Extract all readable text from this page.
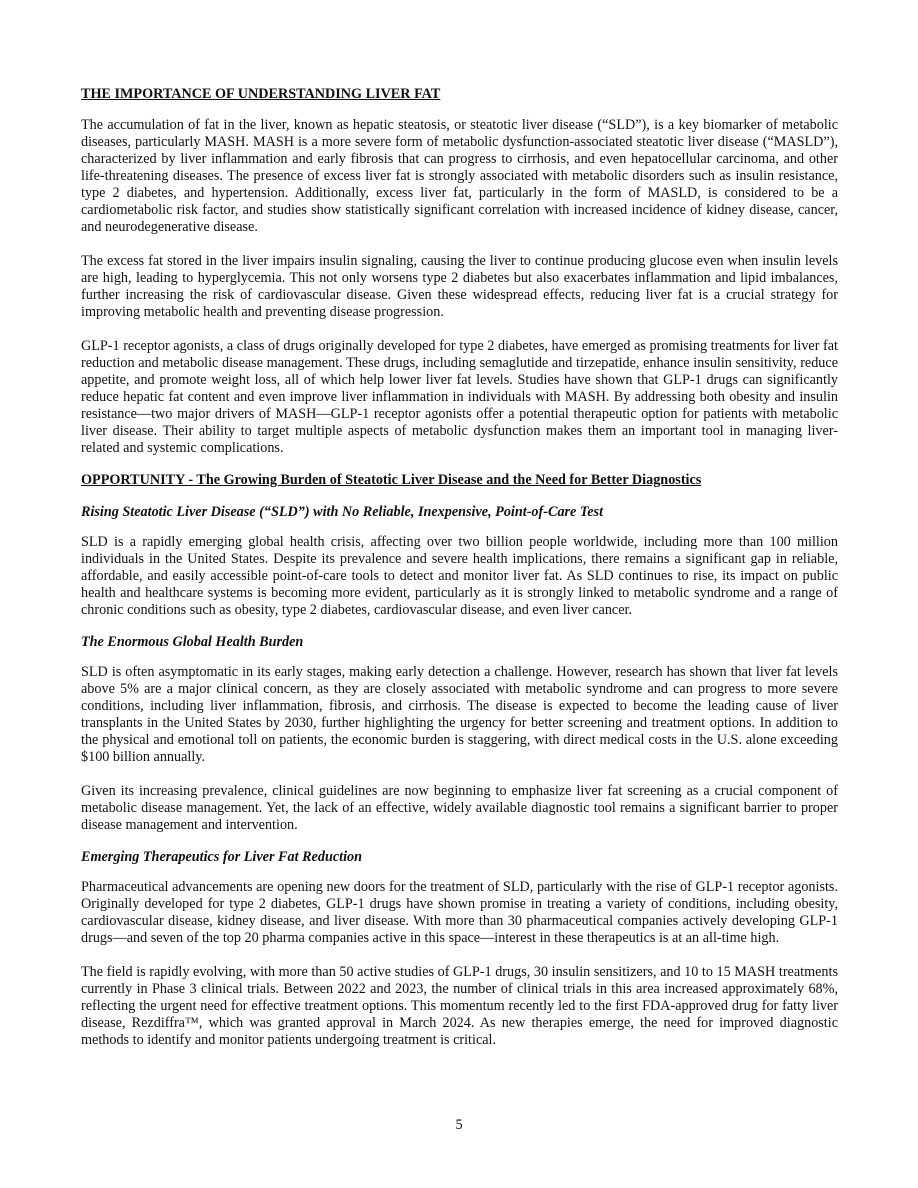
THE IMPORTANCE OF UNDERSTANDING LIVER FAT

The accumulation of fat in the liver, known as hepatic steatosis, or steatotic liver disease (“SLD”), is a key biomarker of metabolic diseases, particularly MASH. MASH is a more severe form of metabolic dysfunction-associated steatotic liver disease (“MASLD”), characterized by liver inflammation and early fibrosis that can progress to cirrhosis, and even hepatocellular carcinoma, and other life-threatening diseases. The presence of excess liver fat is strongly associated with metabolic disorders such as insulin resistance, type 2 diabetes, and hypertension. Additionally, excess liver fat, particularly in the form of MASLD, is considered to be a cardiometabolic risk factor, and studies show statistically significant correlation with increased incidence of kidney disease, cancer, and neurodegenerative disease.

The excess fat stored in the liver impairs insulin signaling, causing the liver to continue producing glucose even when insulin levels are high, leading to hyperglycemia. This not only worsens type 2 diabetes but also exacerbates inflammation and lipid imbalances, further increasing the risk of cardiovascular disease. Given these widespread effects, reducing liver fat is a crucial strategy for improving metabolic health and preventing disease progression.

GLP-1 receptor agonists, a class of drugs originally developed for type 2 diabetes, have emerged as promising treatments for liver fat reduction and metabolic disease management. These drugs, including semaglutide and tirzepatide, enhance insulin sensitivity, reduce appetite, and promote weight loss, all of which help lower liver fat levels. Studies have shown that GLP-1 drugs can significantly reduce hepatic fat content and even improve liver inflammation in individuals with MASH. By addressing both obesity and insulin resistance—two major drivers of MASH—GLP-1 receptor agonists offer a potential therapeutic option for patients with metabolic liver disease. Their ability to target multiple aspects of metabolic dysfunction makes them an important tool in managing liver-related and systemic complications.

OPPORTUNITY - The Growing Burden of Steatotic Liver Disease and the Need for Better Diagnostics
Rising Steatotic Liver Disease (“SLD”) with No Reliable, Inexpensive, Point-of-Care Test

SLD is a rapidly emerging global health crisis, affecting over two billion people worldwide, including more than 100 million individuals in the United States. Despite its prevalence and severe health implications, there remains a significant gap in reliable, affordable, and easily accessible point-of-care tools to detect and monitor liver fat. As SLD continues to rise, its impact on public health and healthcare systems is becoming more evident, particularly as it is strongly linked to metabolic syndrome and a range of chronic conditions such as obesity, type 2 diabetes, cardiovascular disease, and even liver cancer.

The Enormous Global Health Burden

SLD is often asymptomatic in its early stages, making early detection a challenge. However, research has shown that liver fat levels above 5% are a major clinical concern, as they are closely associated with metabolic syndrome and can progress to more severe conditions, including liver inflammation, fibrosis, and cirrhosis. The disease is expected to become the leading cause of liver transplants in the United States by 2030, further highlighting the urgency for better screening and treatment options. In addition to the physical and emotional toll on patients, the economic burden is staggering, with direct medical costs in the U.S. alone exceeding $100 billion annually.

Given its increasing prevalence, clinical guidelines are now beginning to emphasize liver fat screening as a crucial component of metabolic disease management. Yet, the lack of an effective, widely available diagnostic tool remains a significant barrier to proper disease management and intervention.

Emerging Therapeutics for Liver Fat Reduction

Pharmaceutical advancements are opening new doors for the treatment of SLD, particularly with the rise of GLP-1 receptor agonists. Originally developed for type 2 diabetes, GLP-1 drugs have shown promise in treating a variety of conditions, including obesity, cardiovascular disease, kidney disease, and liver disease. With more than 30 pharmaceutical companies actively developing GLP-1 drugs—and seven of the top 20 pharma companies active in this space—interest in these therapeutics is at an all-time high.

The field is rapidly evolving, with more than 50 active studies of GLP-1 drugs, 30 insulin sensitizers, and 10 to 15 MASH treatments currently in Phase 3 clinical trials. Between 2022 and 2023, the number of clinical trials in this area increased approximately 68%, reflecting the urgent need for effective treatment options. This momentum recently led to the first FDA-approved drug for fatty liver disease, Rezdiffra™, which was granted approval in March 2024. As new therapies emerge, the need for improved diagnostic methods to identify and monitor patients undergoing treatment is critical.

5
